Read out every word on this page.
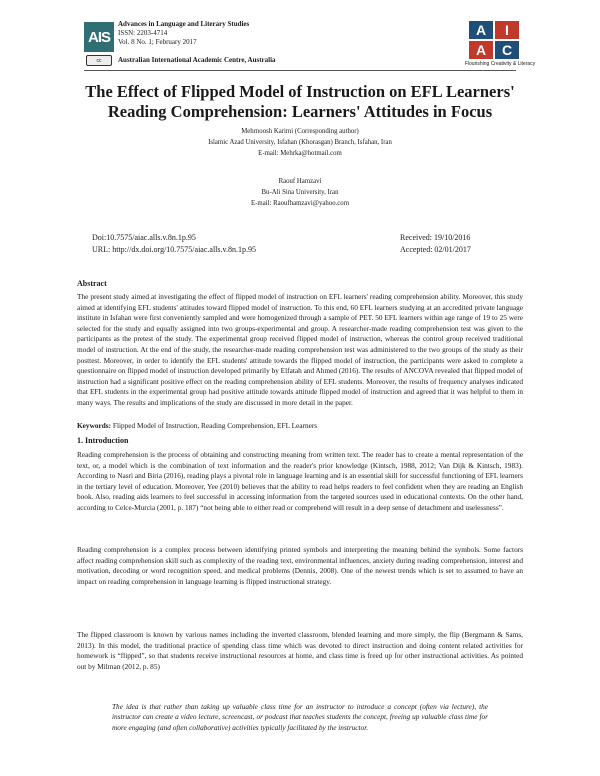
AIS
Advances in Language and Literary Studies
ISSN: 2203-4714
Vol. 8 No. 1; February 2017
cc	Australian International Academic Centre, Australia
A	I
A	C
Flourishing Creativity & Literacy
The Effect of Flipped Model of Instruction on EFL Learners' Reading Comprehension: Learners' Attitudes in Focus
Mehrnoosh Karimi (Corresponding author)
Islamic Azad University, Isfahan (Khorasgan) Branch, Isfahan, Iran
E-mail: Mehrka@hotmail.com
Raouf Hamzavi
Bu-Ali Sina University, Iran
E-mail: Raoufhamzavi@yahoo.com
Doi:10.7575/aiac.alls.v.8n.1p.95
URL: http://dx.doi.org/10.7575/aiac.alls.v.8n.1p.95
Received: 19/10/2016
Accepted: 02/01/2017
Abstract
The present study aimed at investigating the effect of flipped model of instruction on EFL learners' reading comprehension ability. Moreover, this study aimed at identifying EFL students' attitudes toward flipped model of instruction. To this end, 60 EFL learners studying at an accredited private language institute in Isfahan were first conveniently sampled and were homogenized through a sample of PET. 50 EFL learners within age range of 19 to 25 were selected for the study and equally assigned into two groups-experimental and group. A researcher-made reading comprehension test was given to the participants as the pretest of the study. The experimental group received flipped model of instruction, whereas the control group received traditional model of instruction. At the end of the study, the researcher-made reading comprehension test was administered to the two groups of the study as their posttest. Moreover, in order to identify the EFL students' attitude towards the flipped model of instruction, the participants were asked to complete a questionnaire on flipped model of instruction developed primarily by Elfatah and Ahmed (2016). The results of ANCOVA revealed that flipped model of instruction had a significant positive effect on the reading comprehension ability of EFL students. Moreover, the results of frequency analyses indicated that EFL students in the experimental group had positive attitude towards attitude flipped model of instruction and agreed that it was helpful to them in many ways. The results and implications of the study are discussed in more detail in the paper.
Keywords: Flipped Model of Instruction, Reading Comprehension, EFL Learners
1. Introduction

Reading comprehension is the process of obtaining and constructing meaning from written text. The reader has to create a mental representation of the text, or, a model which is the combination of text information and the reader's prior knowledge (Kintsch, 1988, 2012; Van Dijk & Kintsch, 1983). According to Nasri and Biria (2016), reading plays a pivotal role in language learning and is an essential skill for successful functioning of EFL learners in the tertiary level of education. Moreover, Yee (2010) believes that the ability to read helps readers to feel confident when they are reading an English book. Also, reading aids learners to feel successful in accessing information from the targeted sources used in educational contexts. On the other hand, according to Celce-Murcia (2001, p. 187) “not being able to either read or comprehend will result in a deep sense of detachment and uselessness”.

Reading comprehension is a complex process between identifying printed symbols and interpreting the meaning behind the symbols. Some factors affect reading comprehension skill such as complexity of the reading text, environmental influences, anxiety during reading comprehension, interest and motivation, decoding or word recognition speed, and medical problems (Dennis, 2008). One of the newest trends which is set to assumed to have an impact on reading comprehension in language learning is flipped instructional strategy.

The flipped classroom is known by various names including the inverted classroom, blended learning and more simply, the flip (Bergmann & Sams, 2013). In this model, the traditional practice of spending class time which was devoted to direct instruction and doing content related activities for homework is “flipped”, so that students receive instructional resources at home, and class time is freed up for other instructional activities. As pointed out by Milman (2012, p. 85)

The idea is that rather than taking up valuable class time for an instructor to introduce a concept (often via lecture), the instructor can create a video lecture, screencast, or podcast that teaches students the concept, freeing up valuable class time for more engaging (and often collaborative) activities typically facilitated by the instructor.
